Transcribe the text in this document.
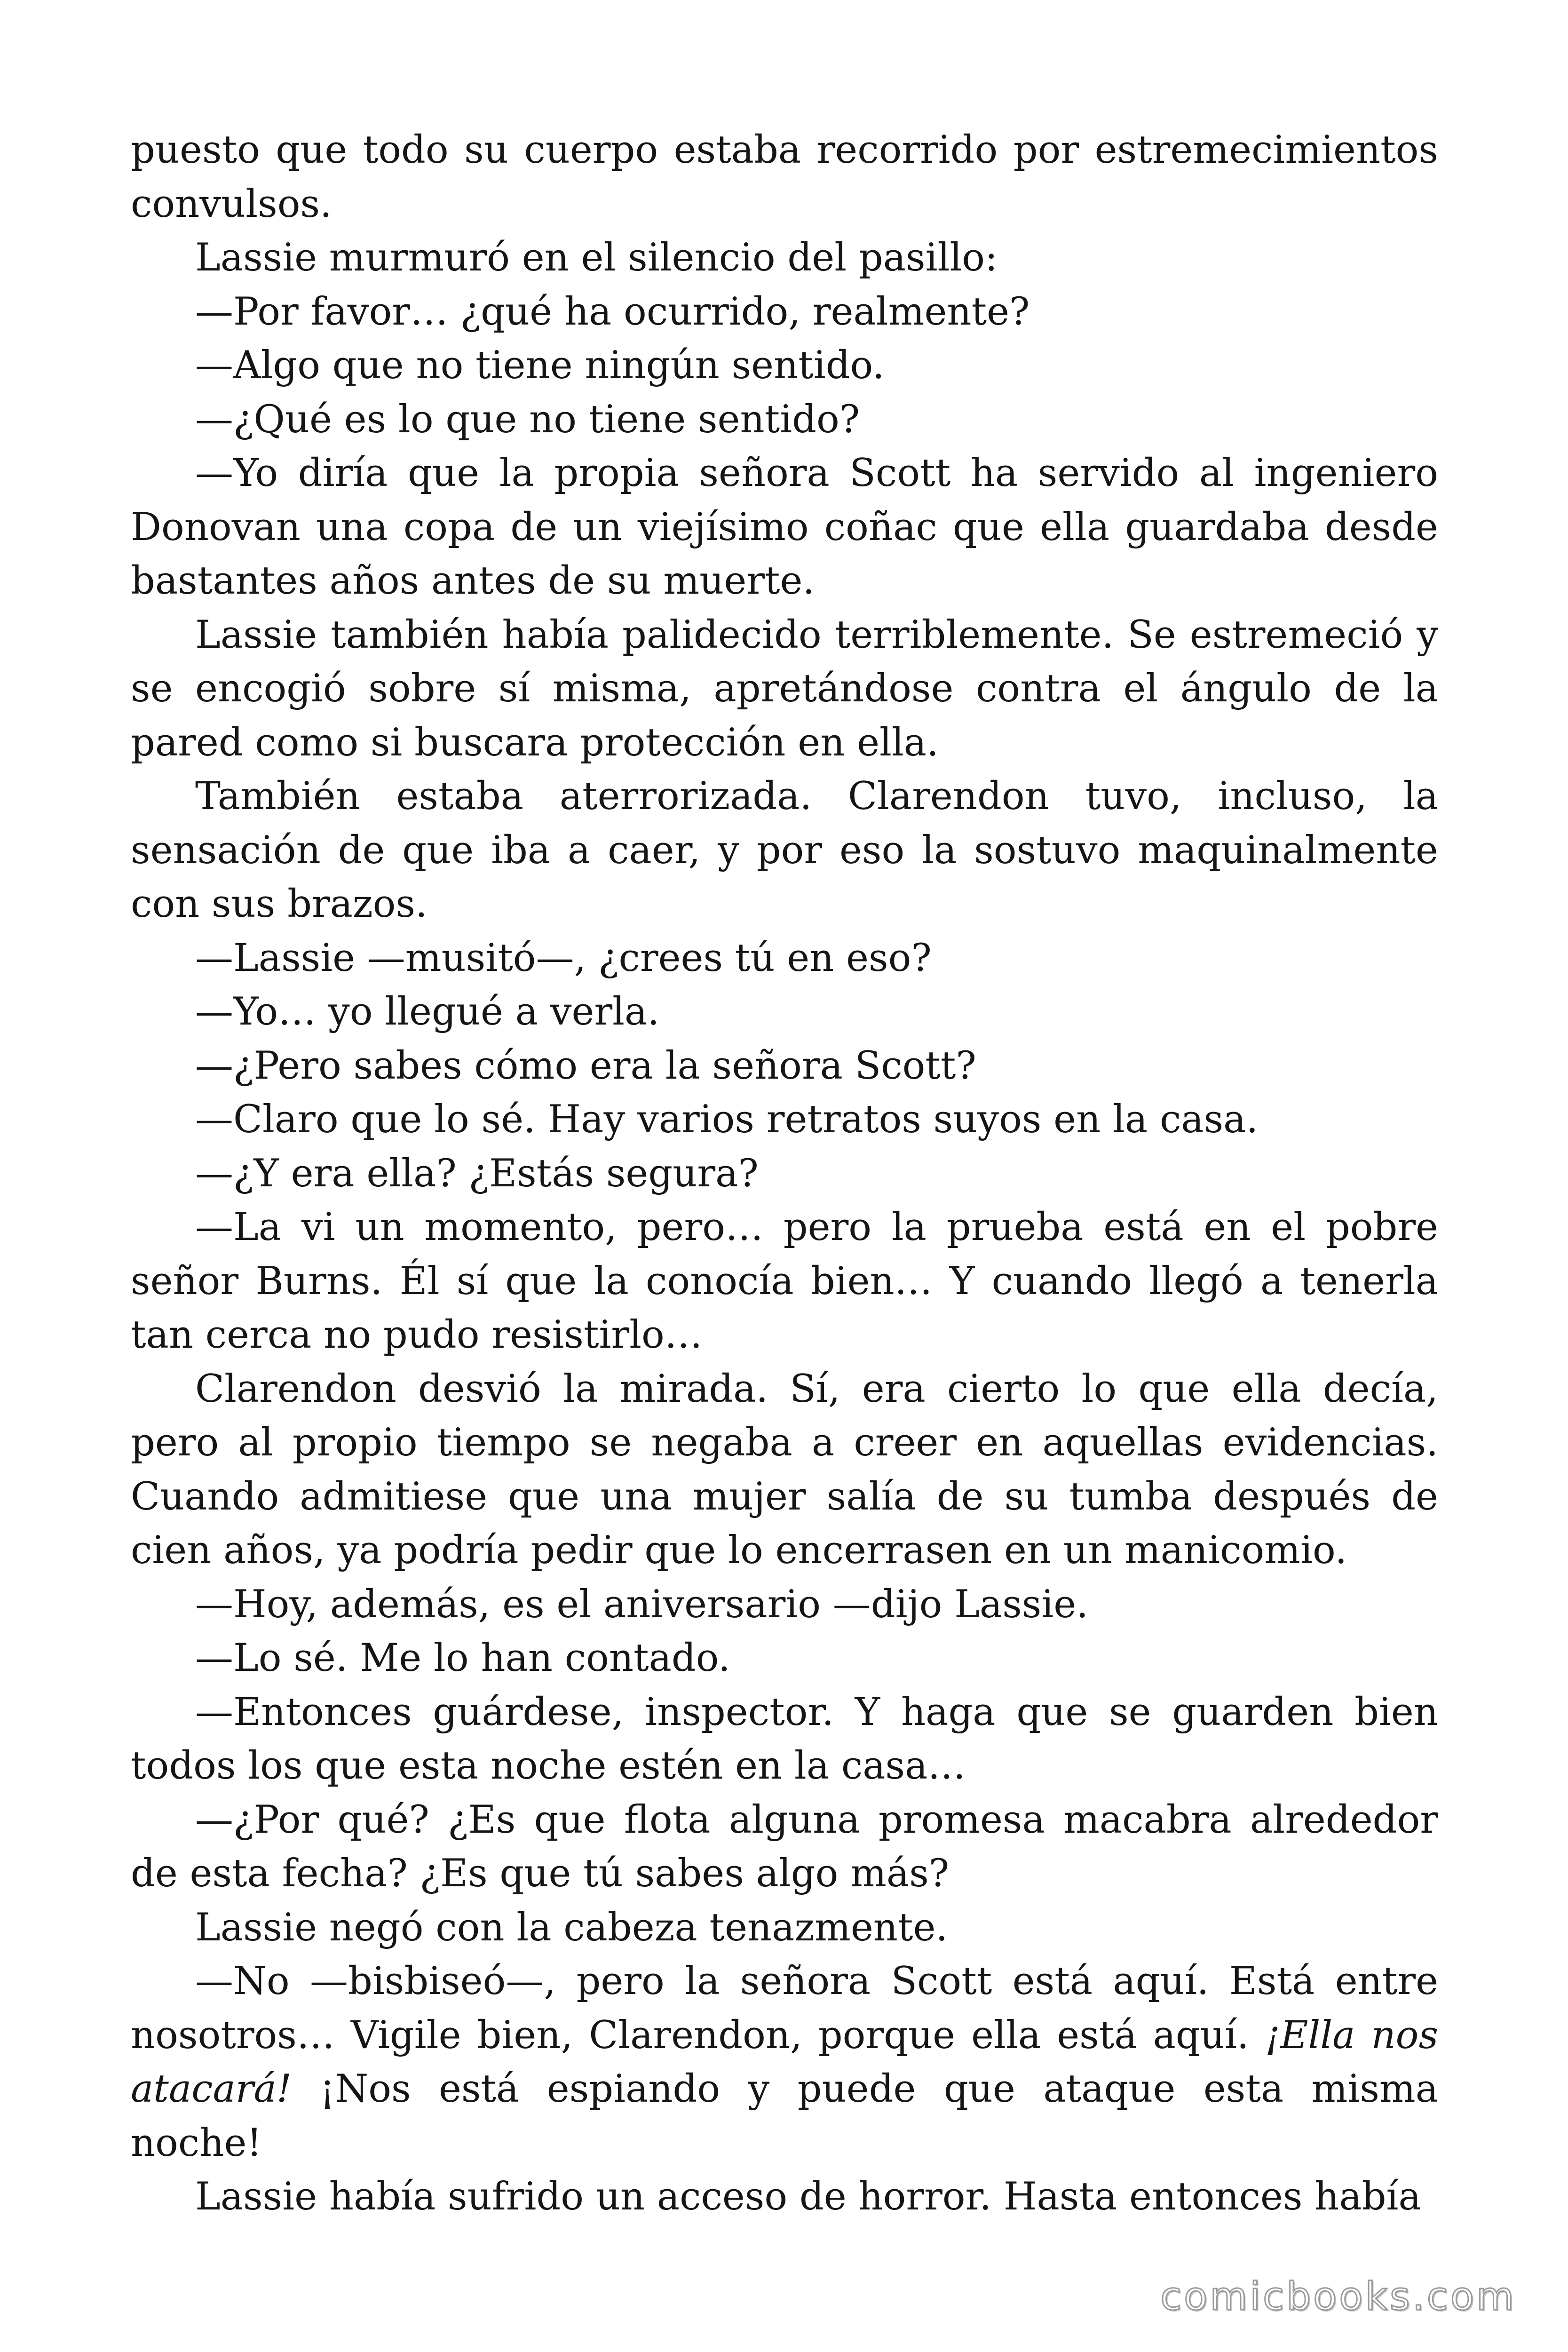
puesto que todo su cuerpo estaba recorrido por estremecimientos convulsos.

Lassie murmuró en el silencio del pasillo:

—Por favor… ¿qué ha ocurrido, realmente?

—Algo que no tiene ningún sentido.

—¿Qué es lo que no tiene sentido?

—Yo diría que la propia señora Scott ha servido al ingeniero Donovan una copa de un viejísimo coñac que ella guardaba desde bastantes años antes de su muerte.

Lassie también había palidecido terriblemente. Se estremeció y se encogió sobre sí misma, apretándose contra el ángulo de la pared como si buscara protección en ella.

También estaba aterrorizada. Clarendon tuvo, incluso, la sensación de que iba a caer, y por eso la sostuvo maquinalmente con sus brazos.

—Lassie —musitó—, ¿crees tú en eso?

—Yo… yo llegué a verla.

—¿Pero sabes cómo era la señora Scott?

—Claro que lo sé. Hay varios retratos suyos en la casa.

—¿Y era ella? ¿Estás segura?

—La vi un momento, pero… pero la prueba está en el pobre señor Burns. Él sí que la conocía bien… Y cuando llegó a tenerla tan cerca no pudo resistirlo…

Clarendon desvió la mirada. Sí, era cierto lo que ella decía, pero al propio tiempo se negaba a creer en aquellas evidencias. Cuando admitiese que una mujer salía de su tumba después de cien años, ya podría pedir que lo encerrasen en un manicomio.

—Hoy, además, es el aniversario —dijo Lassie.

—Lo sé. Me lo han contado.

—Entonces guárdese, inspector. Y haga que se guarden bien todos los que esta noche estén en la casa…

—¿Por qué? ¿Es que flota alguna promesa macabra alrededor de esta fecha? ¿Es que tú sabes algo más?

Lassie negó con la cabeza tenazmente.

—No —bisbiseó—, pero la señora Scott está aquí. Está entre nosotros… Vigile bien, Clarendon, porque ella está aquí. ¡Ella nos atacará! ¡Nos está espiando y puede que ataque esta misma noche!

Lassie había sufrido un acceso de horror. Hasta entonces había

comicbooks.com
